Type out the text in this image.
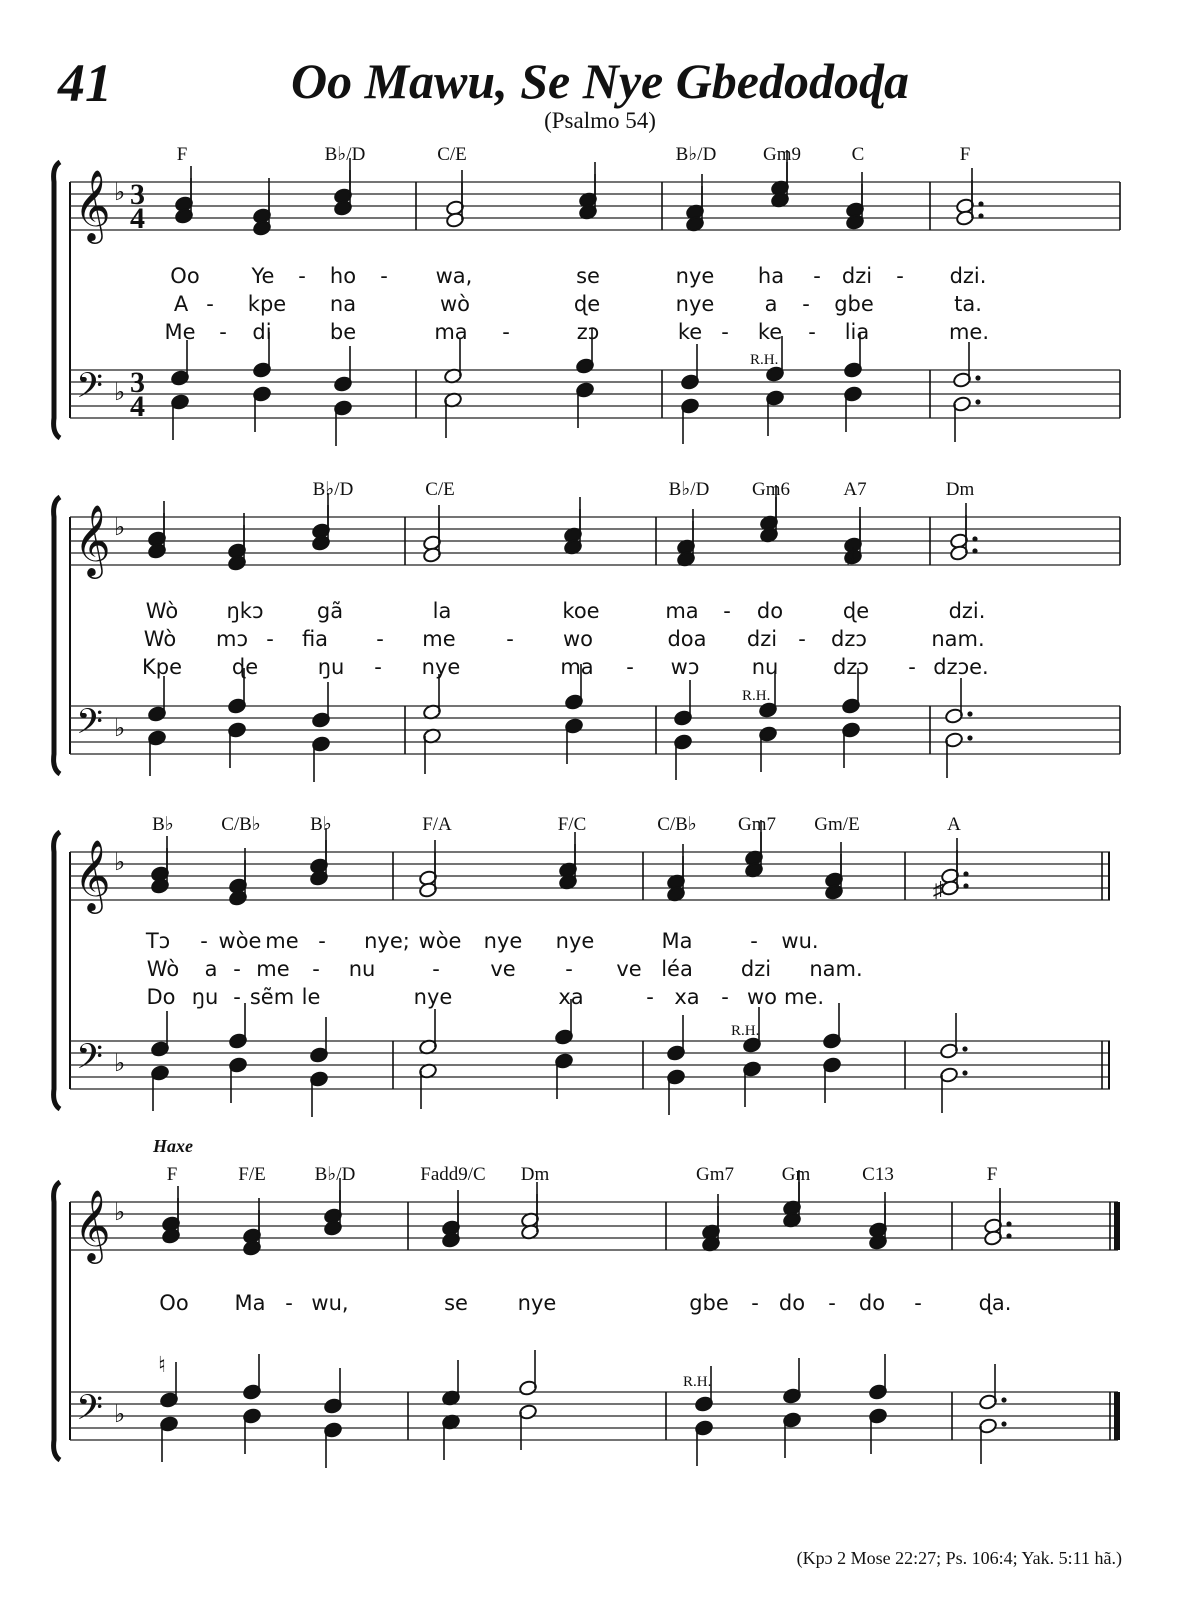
41	Oo Mawu, Se Nye Gbedodoɖa
(Psalmo 54)
Haxe
(Kpɔ 2 Mose 22:27; Ps. 106:4; Yak. 5:11 hã.)
𝄞
𝄢
♭
♭
3
4
3
4
R.H.
F	B♭/D	C/E	B♭/D Gm9	C	F
Oo Ye - ho - wa,	se	nye ha - dzi - dzi.
A - kpe na	wò	ɖe	nye a - gbe	ta.
Me - di	be	ma -	zɔ	ke - ke - lia	me.
𝄞
𝄢
♭
♭
R.H.
B♭/D	C/E	B♭/D Gm6	A7	Dm
Wò ŋkɔ	gã	la	koe	ma - do	ɖe	dzi.
Wò mɔ - fia - me - wo	doa dzi - dzɔ	nam.
Kpe ɖe	ŋu - nye	ma - wɔ nu	dzɔ - dzɔe.
𝄞
𝄢
♭
♭
R.H.
B♭ C/B♭	B♭	F/A	F/C	C/B♭ Gm7 Gm/E	A
Tɔ - wòe me - nye; wòe nye nye	Ma	- wu.
Wò a - me - nu	- ve - ve léa dzi nam.
Do ŋu - sẽm le	nye	xa	- xa - wo me.
𝄞
𝄢
♭
♭
R.H.
F	F/E	B♭/D	Fadd9/C Dm	Gm7	Gm	C13	F
Oo Ma - wu,	se nye	gbe - do - do -	ɖa.
♮
♯
♯
